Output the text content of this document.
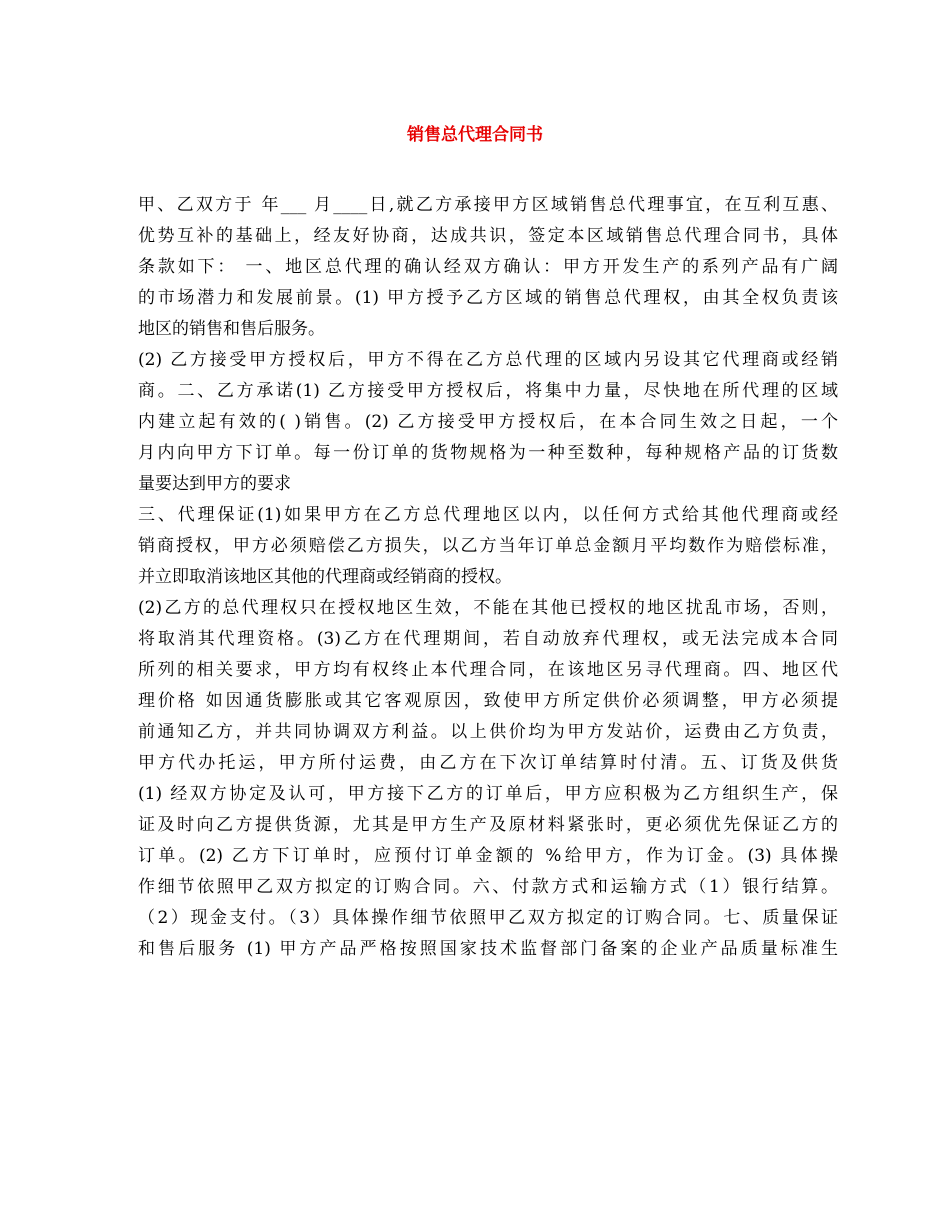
销售总代理合同书
甲、乙双方于 年___ 月____日,就乙方承接甲方区域销售总代理事宜，在互利互惠、
优势互补的基础上，经友好协商，达成共识，签定本区域销售总代理合同书，具体
条款如下： 一、地区总代理的确认经双方确认：甲方开发生产的系列产品有广阔
的市场潜力和发展前景。(1) 甲方授予乙方区域的销售总代理权，由其全权负责该
地区的销售和售后服务。
(2) 乙方接受甲方授权后，甲方不得在乙方总代理的区域内另设其它代理商或经销
商。二、乙方承诺(1) 乙方接受甲方授权后，将集中力量，尽快地在所代理的区域
内建立起有效的( )销售。(2) 乙方接受甲方授权后，在本合同生效之日起，一个
月内向甲方下订单。每一份订单的货物规格为一种至数种，每种规格产品的订货数
量要达到甲方的要求
三、代理保证(1)如果甲方在乙方总代理地区以内，以任何方式给其他代理商或经
销商授权，甲方必须赔偿乙方损失，以乙方当年订单总金额月平均数作为赔偿标准，
并立即取消该地区其他的代理商或经销商的授权。
(2)乙方的总代理权只在授权地区生效，不能在其他已授权的地区扰乱市场，否则，
将取消其代理资格。(3)乙方在代理期间，若自动放弃代理权，或无法完成本合同
所列的相关要求，甲方均有权终止本代理合同，在该地区另寻代理商。四、地区代
理价格 如因通货膨胀或其它客观原因，致使甲方所定供价必须调整，甲方必须提
前通知乙方，并共同协调双方利益。以上供价均为甲方发站价，运费由乙方负责，
甲方代办托运，甲方所付运费，由乙方在下次订单结算时付清。五、订货及供货
(1) 经双方协定及认可，甲方接下乙方的订单后，甲方应积极为乙方组织生产，保
证及时向乙方提供货源，尤其是甲方生产及原材料紧张时，更必须优先保证乙方的
订单。(2) 乙方下订单时，应预付订单金额的 %给甲方，作为订金。(3) 具体操
作细节依照甲乙双方拟定的订购合同。六、付款方式和运输方式（1）银行结算。
（2）现金支付。（3）具体操作细节依照甲乙双方拟定的订购合同。七、质量保证
和售后服务 (1) 甲方产品严格按照国家技术监督部门备案的企业产品质量标准生
